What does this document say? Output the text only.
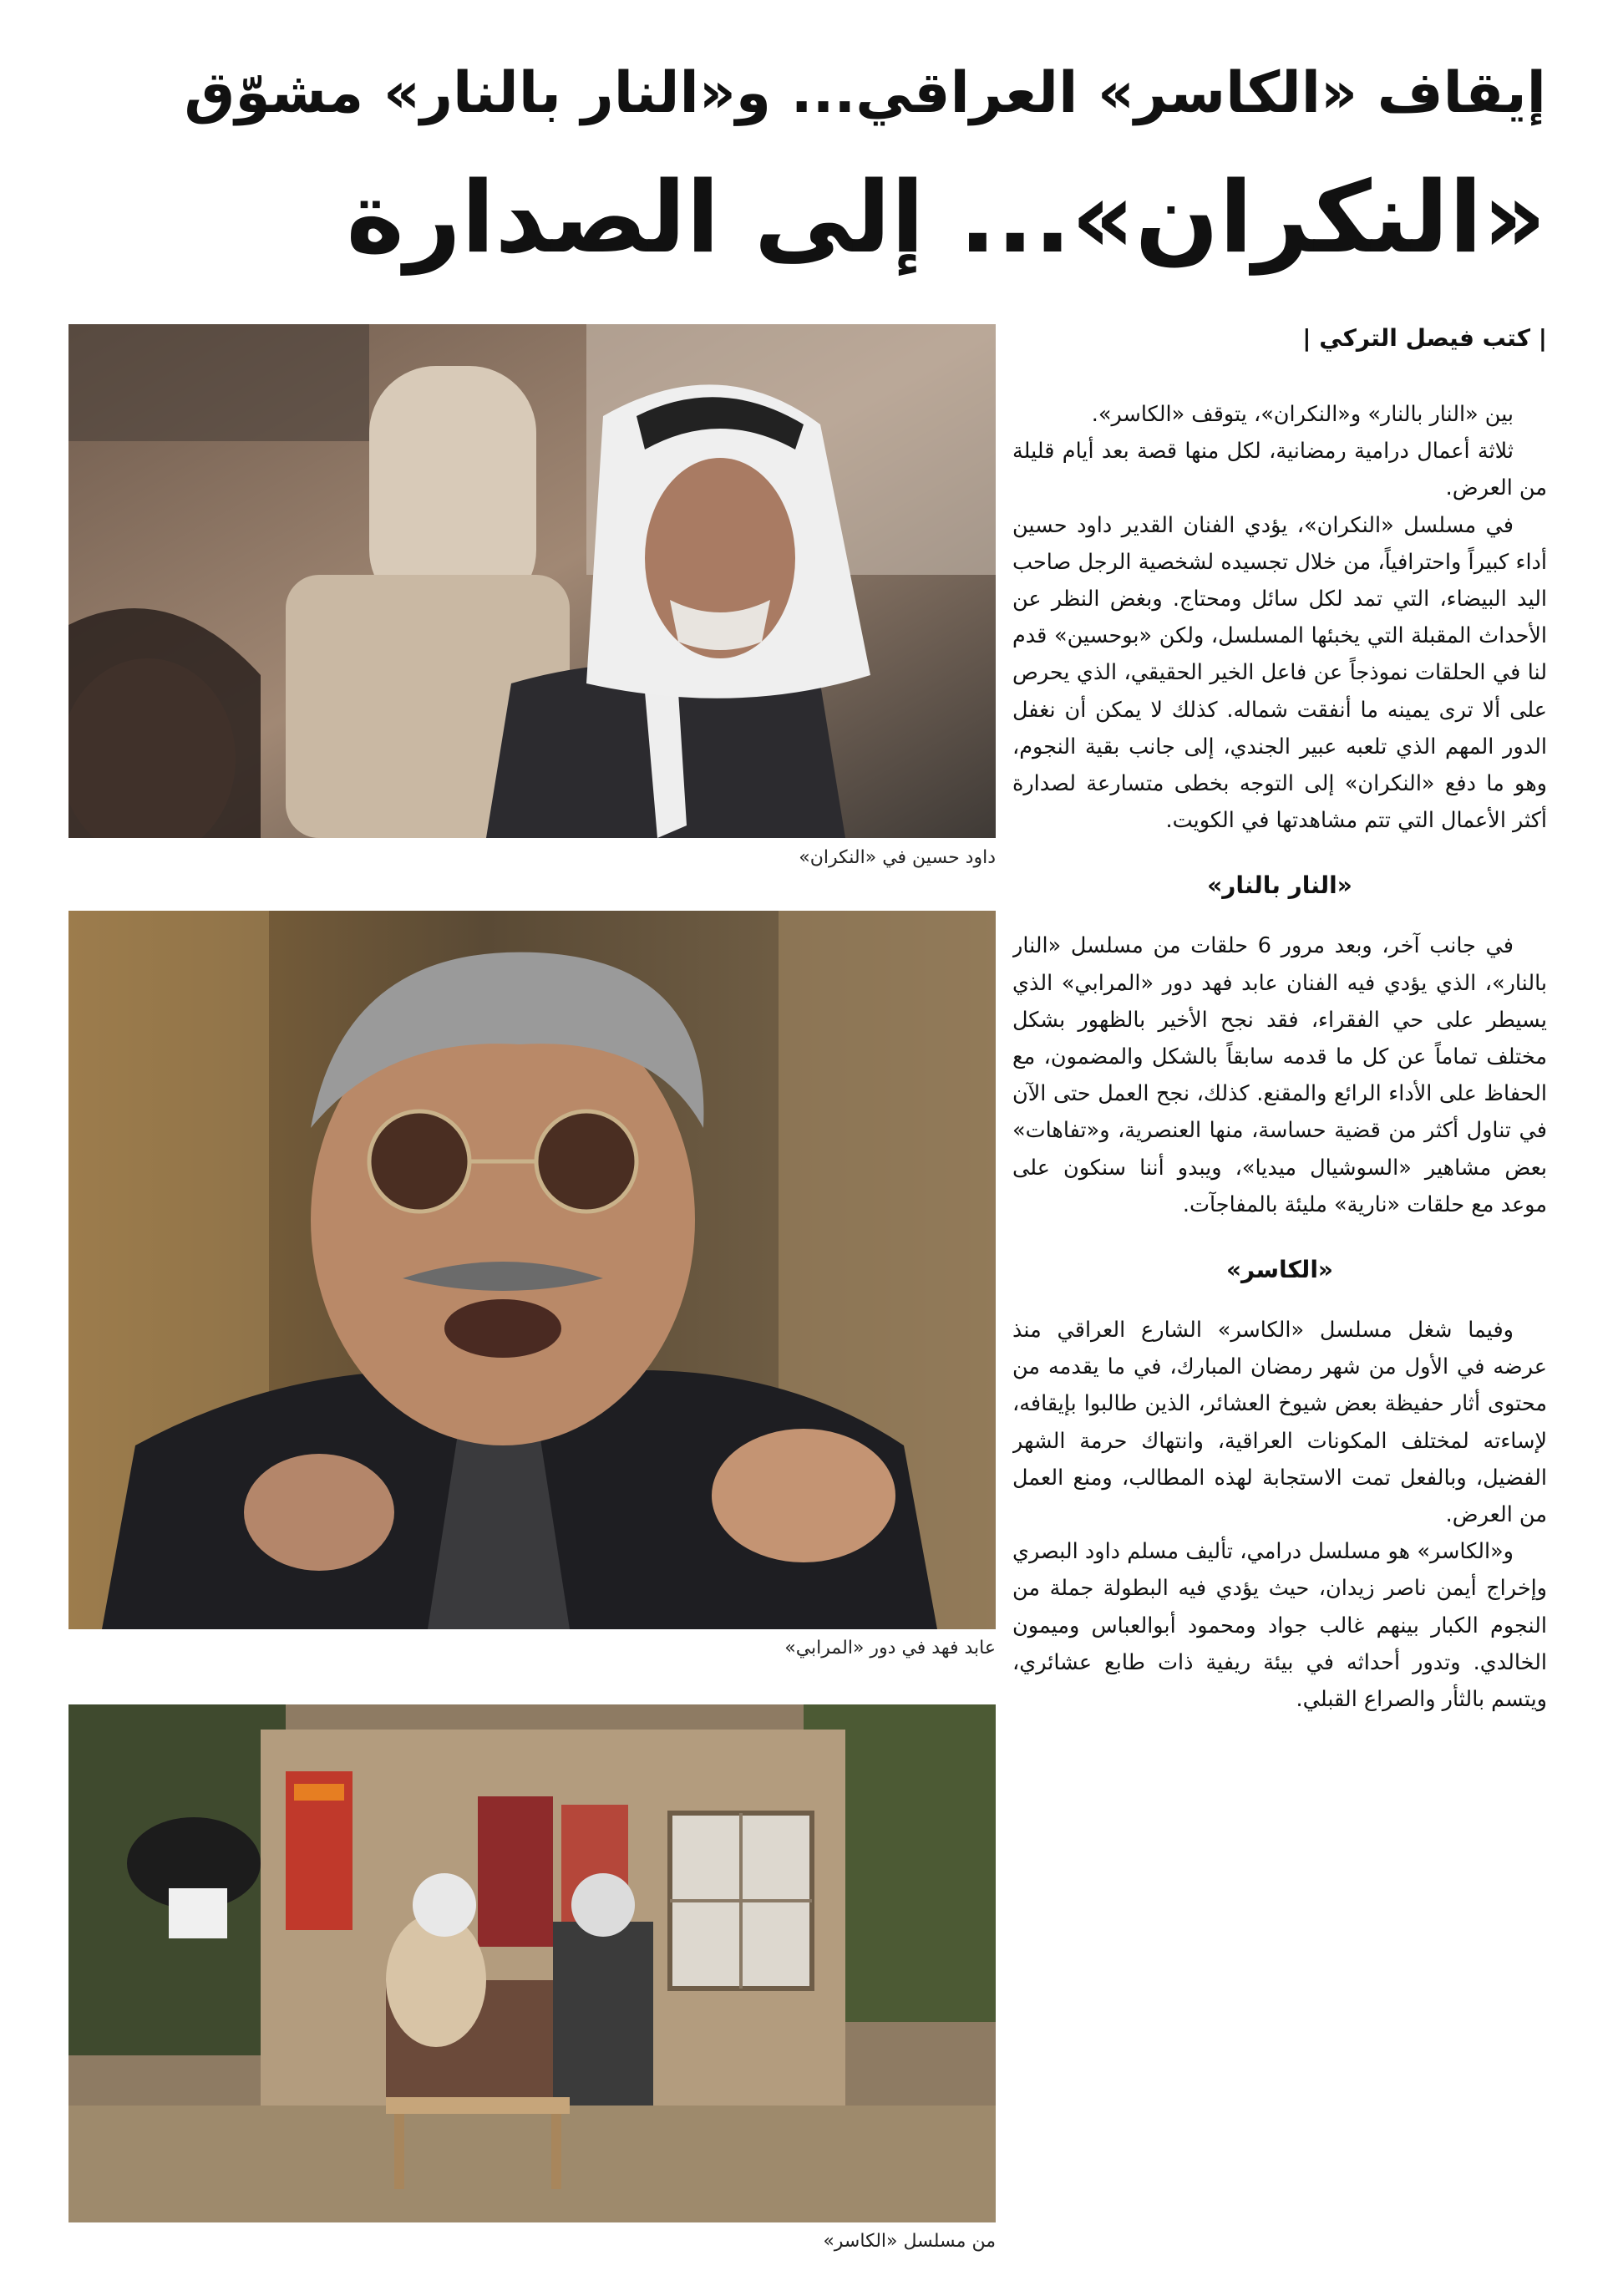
إيقاف «الكاسر» العراقي... و«النار بالنار» مشوّق
«النكران»... إلى الصدارة
داود حسين في «النكران»
عابد فهد في دور «المرابي»
من مسلسل «الكاسر»
| كتب فيصل التركي |

بين «النار بالنار» و«النكران»، يتوقف «الكاسر».

ثلاثة أعمال درامية رمضانية، لكل منها قصة بعد أيام قليلة من العرض.

في مسلسل «النكران»، يؤدي الفنان القدير داود حسين أداء كبيراً واحترافياً، من خلال تجسيده لشخصية الرجل صاحب اليد البيضاء، التي تمد لكل سائل ومحتاج. وبغض النظر عن الأحداث المقبلة التي يخبئها المسلسل، ولكن «بوحسين» قدم لنا في الحلقات نموذجاً عن فاعل الخير الحقيقي، الذي يحرص على ألا ترى يمينه ما أنفقت شماله. كذلك لا يمكن أن نغفل الدور المهم الذي تلعبه عبير الجندي، إلى جانب بقية النجوم، وهو ما دفع «النكران» إلى التوجه بخطى متسارعة لصدارة أكثر الأعمال التي تتم مشاهدتها في الكويت.

«النار بالنار»

في جانب آخر، وبعد مرور 6 حلقات من مسلسل «النار بالنار»، الذي يؤدي فيه الفنان عابد فهد دور «المرابي» الذي يسيطر على حي الفقراء، فقد نجح الأخير بالظهور بشكل مختلف تماماً عن كل ما قدمه سابقاً بالشكل والمضمون، مع الحفاظ على الأداء الرائع والمقنع. كذلك، نجح العمل حتى الآن في تناول أكثر من قضية حساسة، منها العنصرية، و«تفاهات» بعض مشاهير «السوشيال ميديا»، ويبدو أننا سنكون على موعد مع حلقات «نارية» مليئة بالمفاجآت.

«الكاسر»

وفيما شغل مسلسل «الكاسر» الشارع العراقي منذ عرضه في الأول من شهر رمضان المبارك، في ما يقدمه من محتوى أثار حفيظة بعض شيوخ العشائر، الذين طالبوا بإيقافه، لإساءته لمختلف المكونات العراقية، وانتهاك حرمة الشهر الفضيل، وبالفعل تمت الاستجابة لهذه المطالب، ومنع العمل من العرض.

و«الكاسر» هو مسلسل درامي، تأليف مسلم داود البصري وإخراج أيمن ناصر زيدان، حيث يؤدي فيه البطولة جملة من النجوم الكبار بينهم غالب جواد ومحمود أبوالعباس وميمون الخالدي. وتدور أحداثه في بيئة ريفية ذات طابع عشائري، ويتسم بالثأر والصراع القبلي.
